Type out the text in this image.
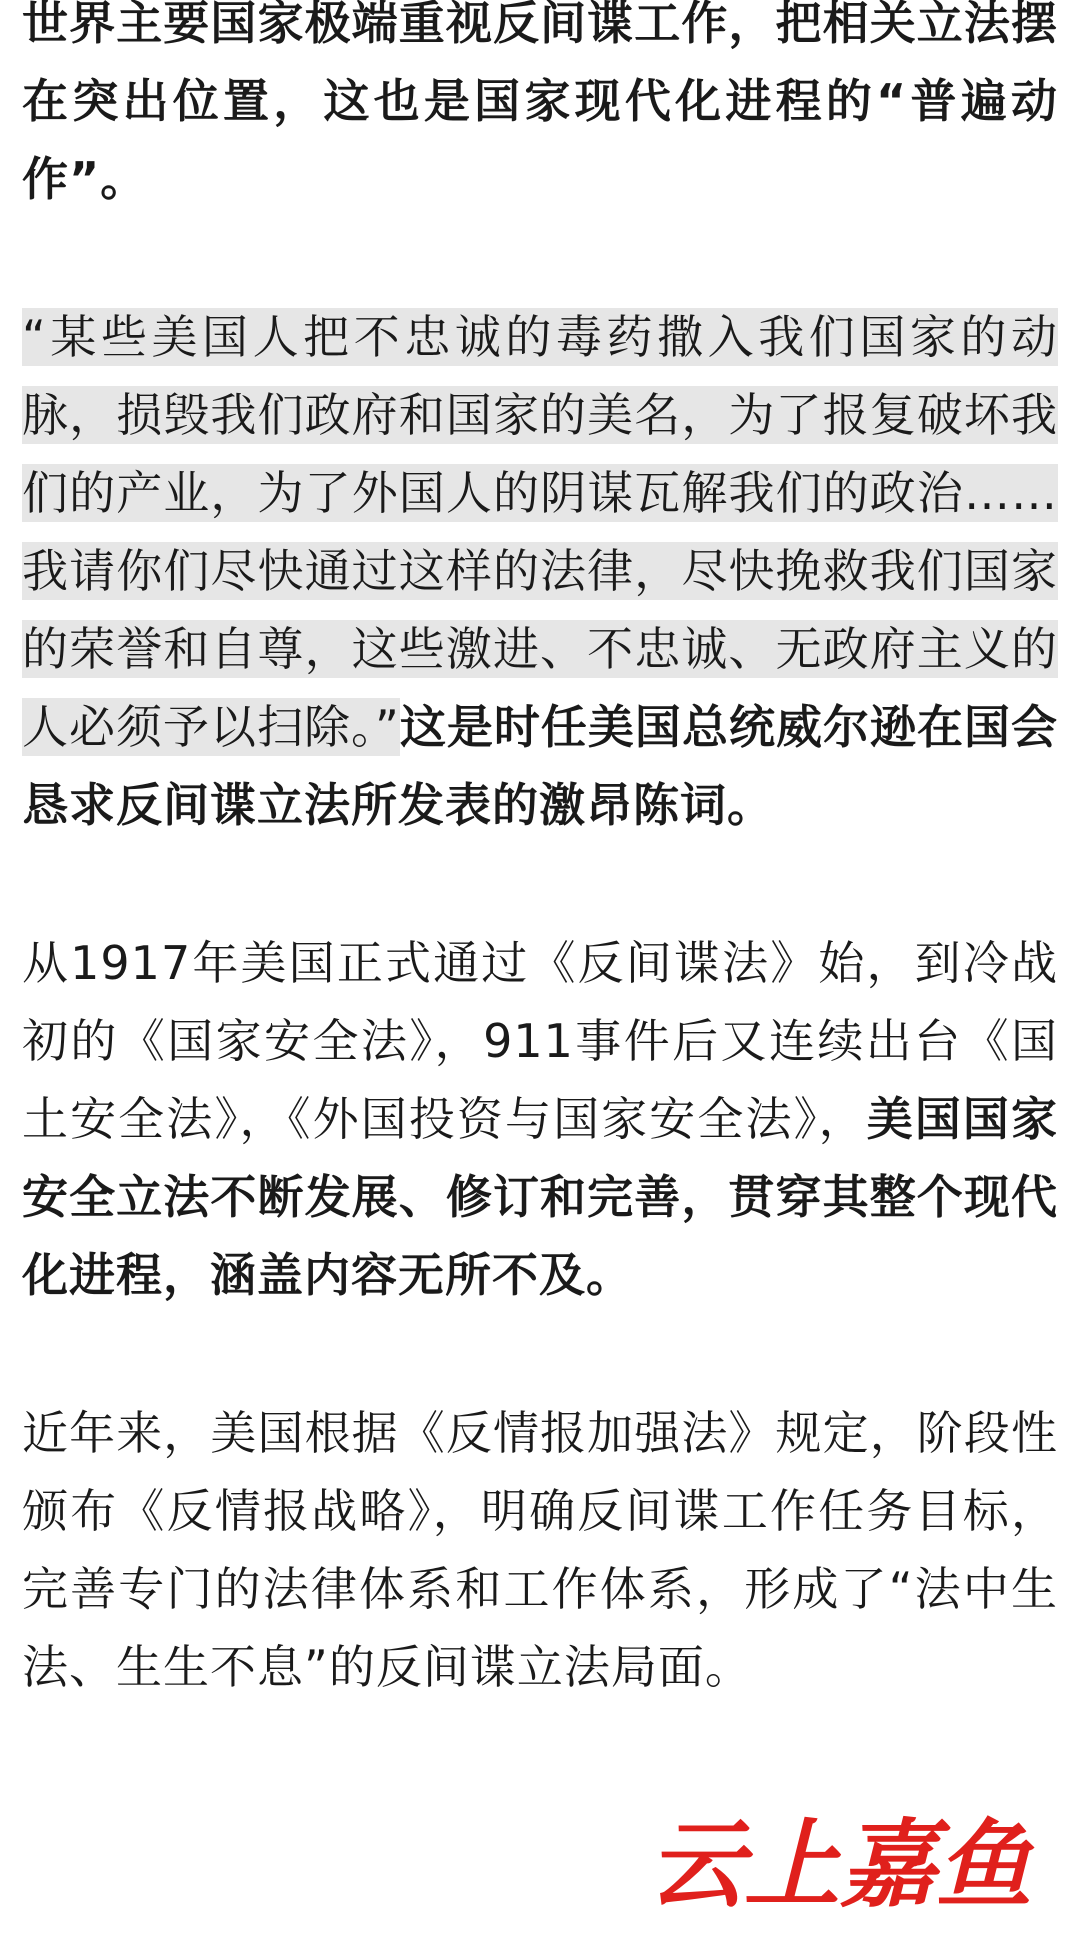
世界主要国家极端重视反间谍工作，把相关立法摆在突出位置，这也是国家现代化进程的“普遍动作”。

“某些美国人把不忠诚的毒药撒入我们国家的动脉，损毁我们政府和国家的美名，为了报复破坏我们的产业，为了外国人的阴谋瓦解我们的政治……我请你们尽快通过这样的法律，尽快挽救我们国家的荣誉和自尊，这些激进、不忠诚、无政府主义的人必须予以扫除。”这是时任美国总统威尔逊在国会恳求反间谍立法所发表的激昂陈词。

从1917年美国正式通过《反间谍法》始，到冷战初的《国家安全法》，911事件后又连续出台《国土安全法》，《外国投资与国家安全法》，美国国家安全立法不断发展、修订和完善，贯穿其整个现代化进程，涵盖内容无所不及。

近年来，美国根据《反情报加强法》规定，阶段性颁布《反情报战略》，明确反间谍工作任务目标，完善专门的法律体系和工作体系，形成了“法中生法、生生不息”的反间谍立法局面。

云上嘉鱼
